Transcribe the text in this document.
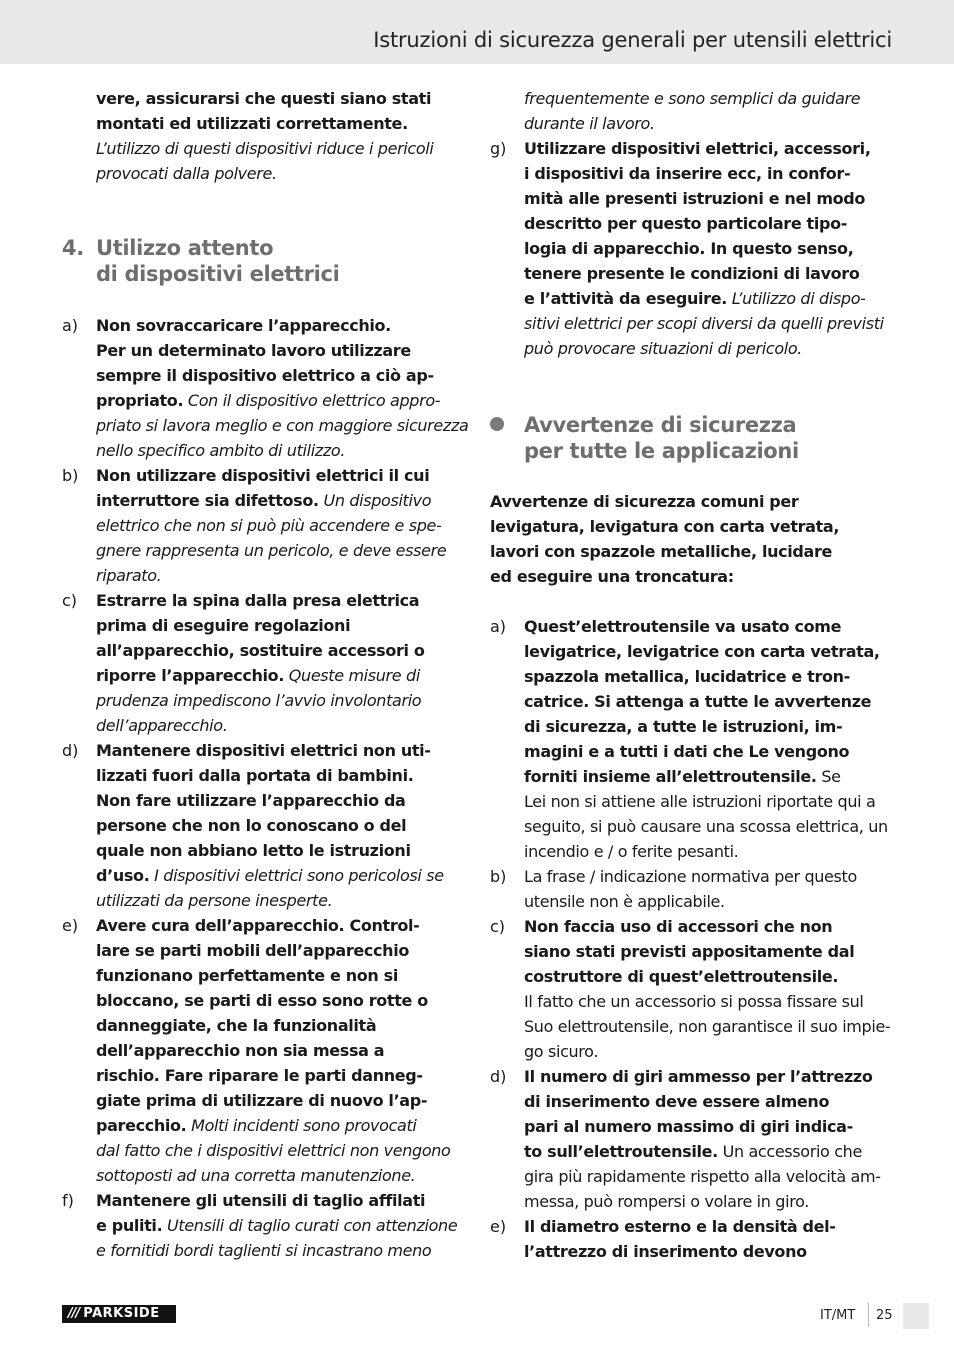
Istruzioni di sicurezza generali per utensili elettrici
vere, assicurarsi che questi siano stati
montati ed utilizzati correttamente.
L’utilizzo di questi dispositivi riduce i pericoli
provocati dalla polvere.
4. Utilizzo attento
di dispositivi elettrici
a)	Non sovraccaricare l’apparecchio.
Per un determinato lavoro utilizzare
sempre il dispositivo elettrico a ciò ap-
propriato. Con il dispositivo elettrico appro-
priato si lavora meglio e con maggiore sicurezza
nello specifico ambito di utilizzo.
b)	Non utilizzare dispositivi elettrici il cui
interruttore sia difettoso. Un dispositivo
elettrico che non si può più accendere e spe-
gnere rappresenta un pericolo, e deve essere
riparato.
c)	Estrarre la spina dalla presa elettrica
prima di eseguire regolazioni
all’apparecchio, sostituire accessori o
riporre l’apparecchio. Queste misure di
prudenza impediscono l’avvio involontario
dell’apparecchio.
d)	Mantenere dispositivi elettrici non uti-
lizzati fuori dalla portata di bambini.
Non fare utilizzare l’apparecchio da
persone che non lo conoscano o del
quale non abbiano letto le istruzioni
d’uso. I dispositivi elettrici sono pericolosi se
utilizzati da persone inesperte.
e)	Avere cura dell’apparecchio. Control-
lare se parti mobili dell’apparecchio
funzionano perfettamente e non si
bloccano, se parti di esso sono rotte o
danneggiate, che la funzionalità
dell’apparecchio non sia messa a
rischio. Fare riparare le parti danneg-
giate prima di utilizzare di nuovo l’ap-
parecchio. Molti incidenti sono provocati
dal fatto che i dispositivi elettrici non vengono
sottoposti ad una corretta manutenzione.
f)	Mantenere gli utensili di taglio affilati
e puliti. Utensili di taglio curati con attenzione
e fornitidi bordi taglienti si incastrano meno
frequentemente e sono semplici da guidare
durante il lavoro.
g)	Utilizzare dispositivi elettrici, accessori,
i dispositivi da inserire ecc, in confor-
mità alle presenti istruzioni e nel modo
descritto per questo particolare tipo-
logia di apparecchio. In questo senso,
tenere presente le condizioni di lavoro
e l’attività da eseguire. L’utilizzo di dispo-
sitivi elettrici per scopi diversi da quelli previsti
può provocare situazioni di pericolo.
Avvertenze di sicurezza
per tutte le applicazioni
Avvertenze di sicurezza comuni per
levigatura, levigatura con carta vetrata,
lavori con spazzole metalliche, lucidare
ed eseguire una troncatura:
a)	Quest’elettroutensile va usato come
levigatrice, levigatrice con carta vetrata,
spazzola metallica, lucidatrice e tron-
catrice. Si attenga a tutte le avvertenze
di sicurezza, a tutte le istruzioni, im-
magini e a tutti i dati che Le vengono
forniti insieme all’elettroutensile. Se
Lei non si attiene alle istruzioni riportate qui a
seguito, si può causare una scossa elettrica, un
incendio e / o ferite pesanti.
b)	La frase / indicazione normativa per questo
utensile non è applicabile.
c)	Non faccia uso di accessori che non
siano stati previsti appositamente dal
costruttore di quest’elettroutensile.
Il fatto che un accessorio si possa fissare sul
Suo elettroutensile, non garantisce il suo impie-
go sicuro.
d)	Il numero di giri ammesso per l’attrezzo
di inserimento deve essere almeno
pari al numero massimo di giri indica-
to sull’elettroutensile. Un accessorio che
gira più rapidamente rispetto alla velocità am-
messa, può rompersi o volare in giro.
e)	Il diametro esterno e la densità del-
l’attrezzo di inserimento devono
/// PARKSIDE	IT/MT 25
